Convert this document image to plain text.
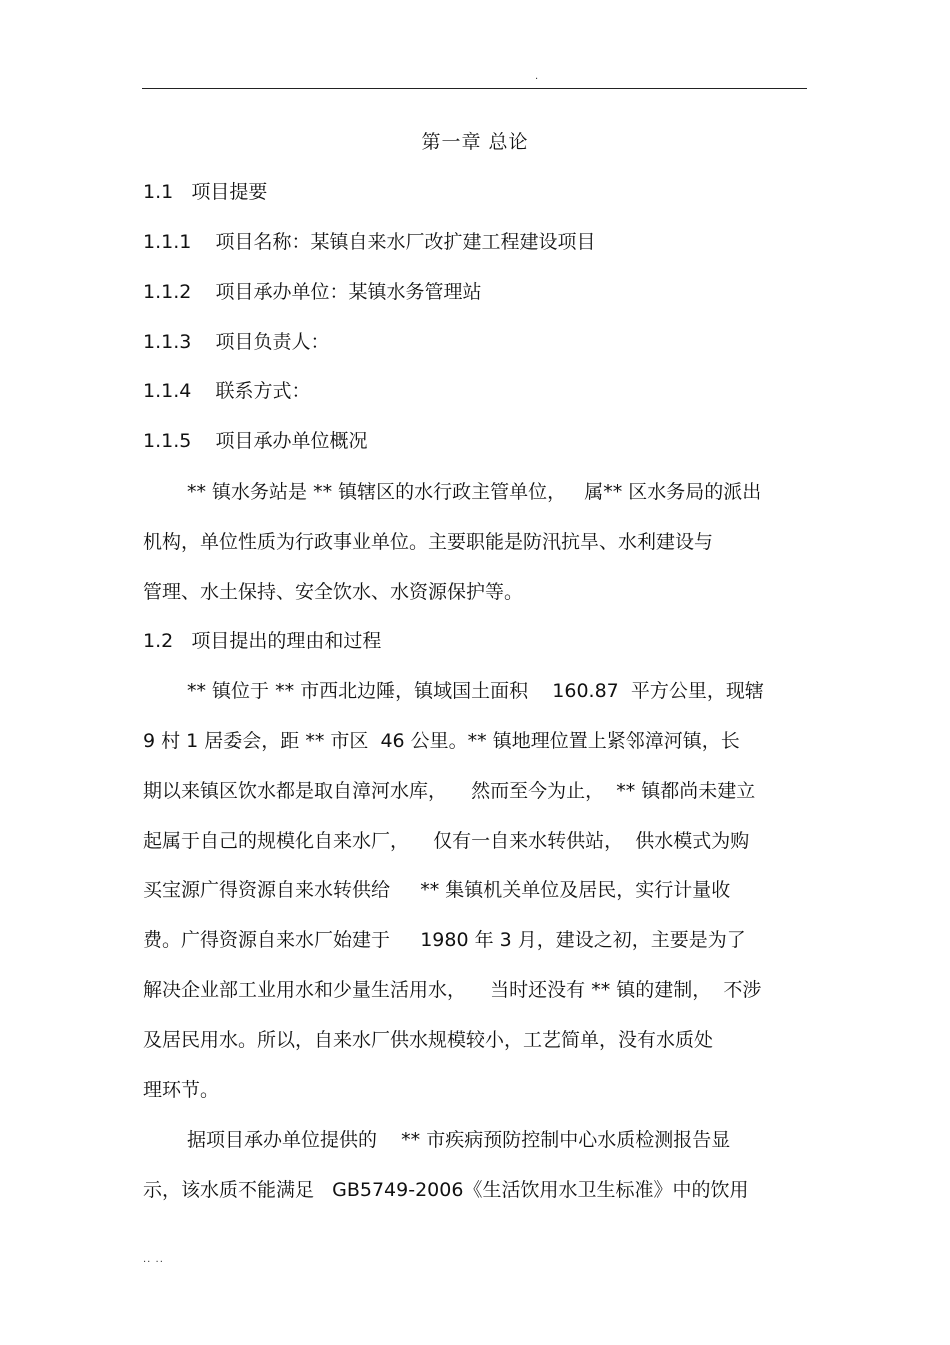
.
第一章 总论
1.1   项目提要
1.1.1    项目名称：某镇自来水厂改扩建工程建设项目
1.1.2    项目承办单位：某镇水务管理站
1.1.3    项目负责人：
1.1.4    联系方式：
1.1.5    项目承办单位概况
** 镇水务站是 ** 镇辖区的水行政主管单位，   属** 区水务局的派出
机构，单位性质为行政事业单位。主要职能是防汛抗旱、水利建设与
管理、水土保持、安全饮水、水资源保护等。
1.2   项目提出的理由和过程
** 镇位于 ** 市西北边陲，镇域国土面积    160.87  平方公里，现辖
9 村 1 居委会，距 ** 市区  46 公里。** 镇地理位置上紧邻漳河镇，长
期以来镇区饮水都是取自漳河水库，    然而至今为止，  ** 镇都尚未建立
起属于自己的规模化自来水厂，    仅有一自来水转供站，  供水模式为购
买宝源广得资源自来水转供给     ** 集镇机关单位及居民，实行计量收
费。广得资源自来水厂始建于     1980 年 3 月，建设之初，主要是为了
解决企业部工业用水和少量生活用水，    当时还没有 ** 镇的建制，  不涉
及居民用水。所以，自来水厂供水规模较小，工艺简单，没有水质处
理环节。
据项目承办单位提供的    ** 市疾病预防控制中心水质检测报告显
示，该水质不能满足   GB5749-2006《生活饮用水卫生标准》中的饮用
.. ..
